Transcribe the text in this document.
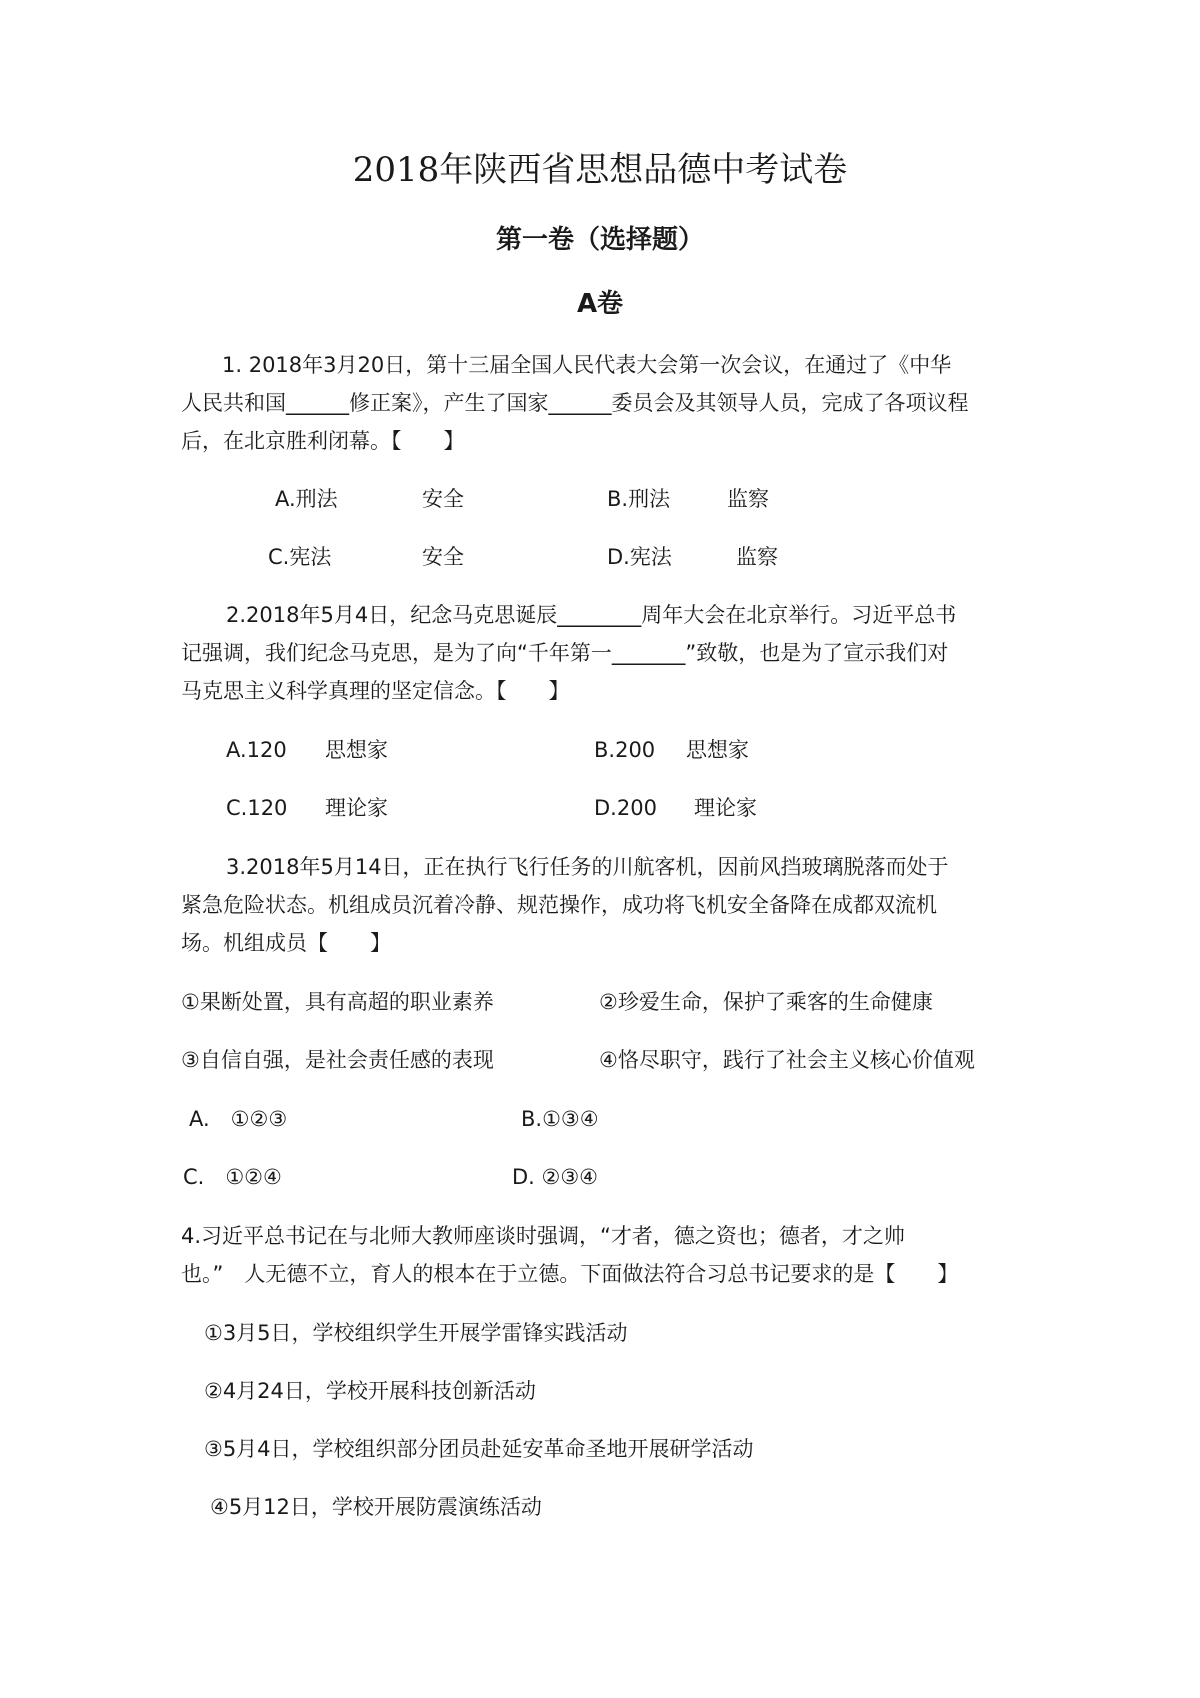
2018年陕西省思想品德中考试卷
第一卷（选择题）
A卷
1. 2018年3月20日，第十三届全国人民代表大会第一次会议，在通过了《中华
人民共和国______修正案》，产生了国家______委员会及其领导人员，完成了各项议程
后，在北京胜利闭幕。【　　】
A.刑法	安全	B.刑法	监察
C.宪法	安全	D.宪法	监察
2.2018年5月4日，纪念马克思诞辰________周年大会在北京举行。习近平总书
记强调，我们纪念马克思，是为了向“千年第一_______”致敬，也是为了宣示我们对
马克思主义科学真理的坚定信念。【　　】
A.120 思想家	B.200 思想家
C.120 理论家	D.200 理论家
3.2018年5月14日，正在执行飞行任务的川航客机，因前风挡玻璃脱落而处于
紧急危险状态。机组成员沉着冷静、规范操作，成功将飞机安全备降在成都双流机
场。机组成员【　　】
①果断处置，具有高超的职业素养	②珍爱生命，保护了乘客的生命健康
③自信自强，是社会责任感的表现	④恪尽职守，践行了社会主义核心价值观
A.　①②③	B.①③④
C.　①②④	D. ②③④
4.习近平总书记在与北师大教师座谈时强调，“才者，德之资也；德者，才之帅
也。”　人无德不立，育人的根本在于立德。下面做法符合习总书记要求的是【　　】
①3月5日，学校组织学生开展学雷锋实践活动
②4月24日，学校开展科技创新活动
③5月4日，学校组织部分团员赴延安革命圣地开展研学活动
④5月12日，学校开展防震演练活动
